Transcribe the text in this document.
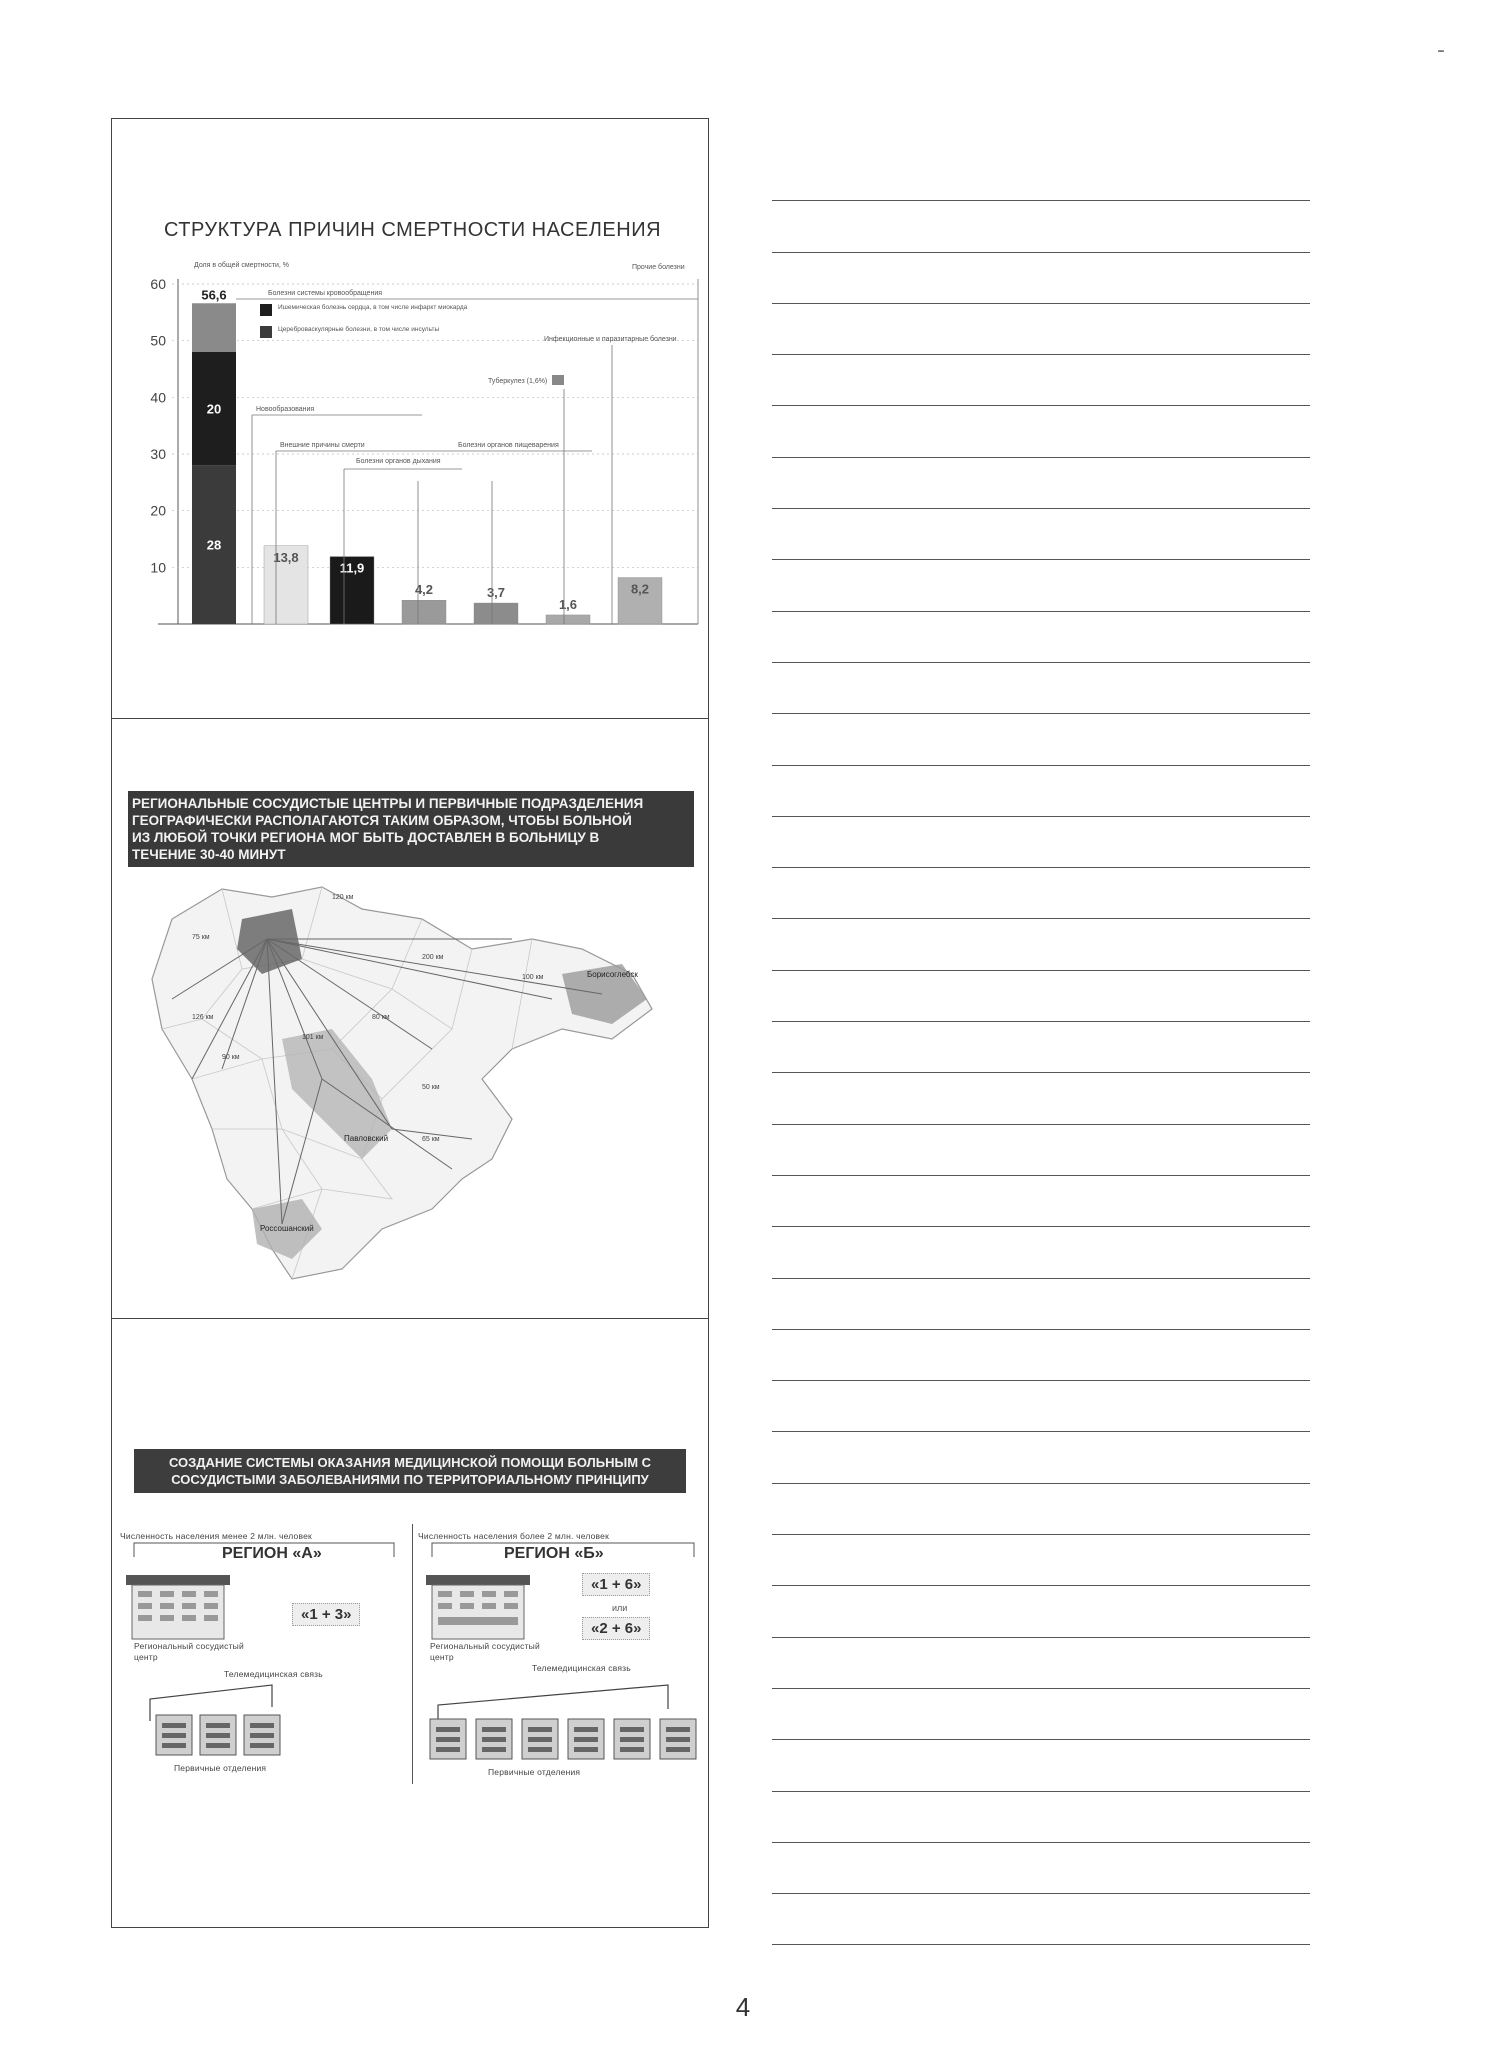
-
СТРУКТУРА ПРИЧИН СМЕРТНОСТИ НАСЕЛЕНИЯ
10
20
30
40
50
60
28
20
56,6
13,8
11,9
4,2	3,7
1,6
8,2
Доля в общей смертности, %
Болезни системы кровообращения
Прочие болезни
Ишемическая болезнь сердца, в том числе инфаркт миокарда
Цереброваскулярные болезни, в том числе инсульты
Инфекционные и паразитарные болезни
Туберкулез (1,6%)
Новообразования
Внешние причины смерти
Болезни органов дыхания
Болезни органов пищеварения
РЕГИОНАЛЬНЫЕ СОСУДИСТЫЕ ЦЕНТРЫ И ПЕРВИЧНЫЕ ПОДРАЗДЕЛЕНИЯ
ГЕОГРАФИЧЕСКИ РАСПОЛАГАЮТСЯ ТАКИМ ОБРАЗОМ, ЧТОБЫ БОЛЬНОЙ
ИЗ ЛЮБОЙ ТОЧКИ РЕГИОНА МОГ БЫТЬ ДОСТАВЛЕН В БОЛЬНИЦУ В
ТЕЧЕНИЕ 30-40 МИНУТ
75 км
126 км
90 км
101 км
120 км
200 км
80 км
50 км
65 км
100 км	Борисоглебск
Россошанский
Павловский
СОЗДАНИЕ СИСТЕМЫ ОКАЗАНИЯ МЕДИЦИНСКОЙ ПОМОЩИ БОЛЬНЫМ С
СОСУДИСТЫМИ ЗАБОЛЕВАНИЯМИ ПО ТЕРРИТОРИАЛЬНОМУ ПРИНЦИПУ
Численность населения менее 2 млн. человек	Численность населения более 2 млн. человек
РЕГИОН «А»	РЕГИОН «Б»
Региональный сосудистый центр
«1 + 3»
Телемедицинская связь
Первичные отделения
Региональный сосудистый центр
«1 + 6»
или
«2 + 6»
Телемедицинская связь
Первичные отделения
4
